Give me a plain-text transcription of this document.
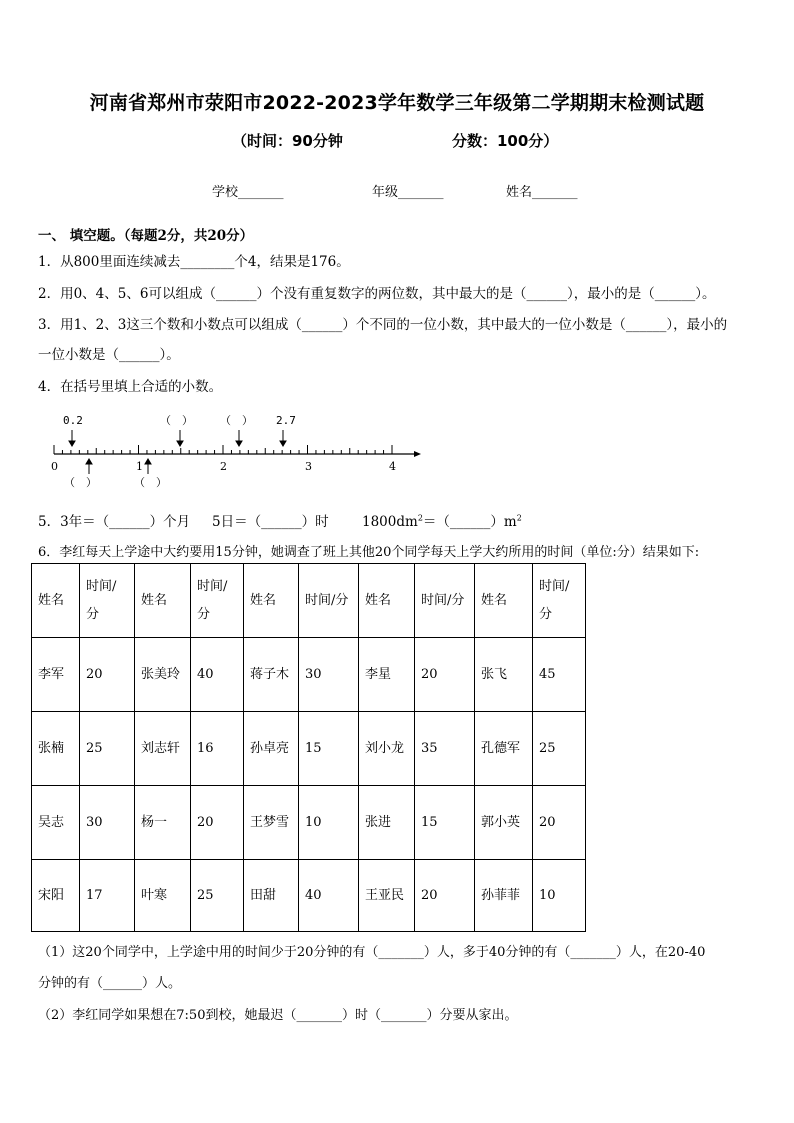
河南省郑州市荥阳市2022-2023学年数学三年级第二学期期末检测试题
（时间：90分钟	分数：100分）
学校_______	年级_______	姓名_______
一、 填空题。（每题2分，共20分）
1．从800里面连续减去________个4，结果是176。
2．用0、4、5、6可以组成（______）个没有重复数字的两位数，其中最大的是（______），最小的是（______）。
3．用1、2、3这三个数和小数点可以组成（______）个不同的一位小数，其中最大的一位小数是（______），最小的
一位小数是（______）。
4．在括号里填上合适的小数。
0.2	（　） （　） 2.7
0	1	2	3	4
（　）	（　）
5．3年＝（______）个月 5日＝（______）时 $1800dm^2=(\_\_\_\_\_\_)m^2$
6．李红每天上学途中大约要用15分钟，她调查了班上其他20个同学每天上学大约所用的时间（单位:分）结果如下:
姓名	时间/分	姓名	时间/分	姓名	时间/分	姓名	时间/分	姓名	时间/分
李军	20	张美玲	40	蒋子木	30	李星	20	张飞	45
张楠	25	刘志轩	16	孙卓亮	15	刘小龙	35	孔德军	25
吴志	30	杨一	20	王梦雪	10	张进	15	郭小英	20
宋阳	17	叶寒	25	田甜	40	王亚民	20	孙菲菲	10
（1）这20个同学中，上学途中用的时间少于20分钟的有（_______）人，多于40分钟的有（_______）人，在20-40
分钟的有（______）人。
（2）李红同学如果想在7:50到校，她最迟（_______）时（_______）分要从家出。
